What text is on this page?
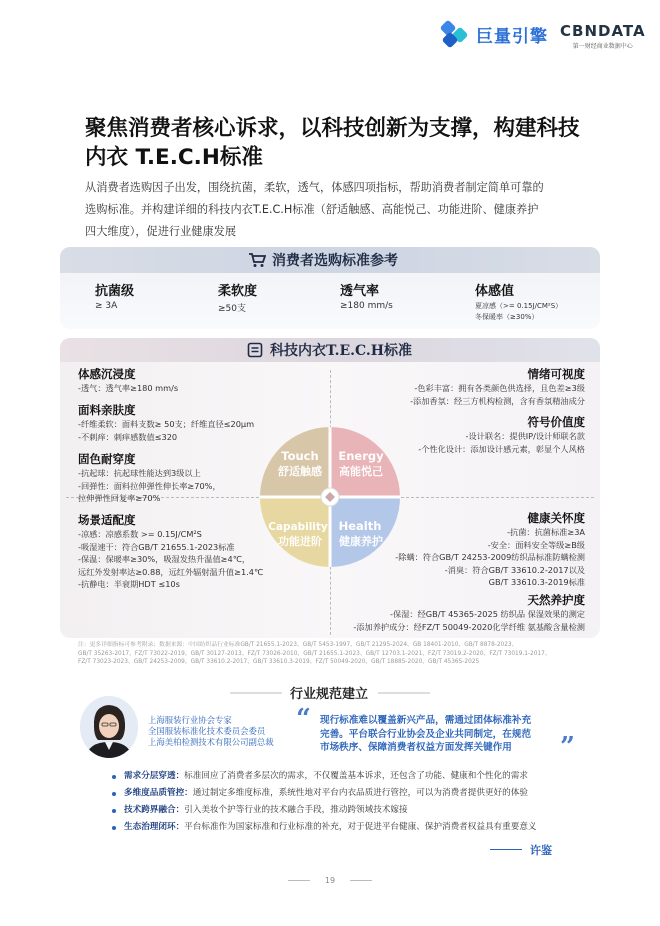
巨量引擎 CBNDATA
第一财经商业数据中心
聚焦消费者核心诉求，以科技创新为支撑，构建科技
内衣 T.E.C.H标准
从消费者选购因子出发，围绕抗菌，柔软，透气，体感四项指标，帮助消费者制定简单可靠的
选购标准。并构建详细的科技内衣T.E.C.H标准（舒适触感、高能悦己、功能进阶、健康养护
四大维度），促进行业健康发展
消费者选购标准参考
抗菌级
≥ 3A
柔软度
≥50支
透气率
≥180 mm/s
体感值
夏凉感（>= 0.15J/CM²S）
冬保暖率（≥30%）
科技内衣T.E.C.H标准
体感沉浸度
-透气：透气率≥180 mm/s
面料亲肤度
-纤维柔软：面料支数≥ 50支；纤维直径≤20μm
-不刺痒：刺痒感数值≤320
固色耐穿度
-抗起球：抗起球性能达到3级以上
-回弹性：面料拉伸弹性伸长率≥70%，
拉伸弹性回复率≥70%
场景适配度
-凉感：凉感系数 >= 0.15J/CM²S
-吸湿速干：符合GB/T 21655.1-2023标准
-保温：保暖率≥30%，吸湿发热升温值≥4℃，
远红外发射率达≥0.88，远红外辐射温升值≥1.4℃
-抗静电：半衰期HDT ≤10s
情绪可视度
-色彩丰富：拥有各类颜色供选择，且色差≥3级
-添加香氛：经三方机构检测，含有香氛精油成分
符号价值度
-设计联名：提供IP/设计师联名款
-个性化设计：添加设计感元素，彰显个人风格
健康关怀度
-抗菌：抗菌标准≥3A
-安全：面料安全等级≥B级
-除螨：符合GB/T 24253-2009纺织品标准防螨检测
-消臭：符合GB/T 33610.2-2017以及
GB/T 33610.3-2019标准
天然养护度
-保湿：经GB/T 45365-2025 纺织品 保湿效果的测定
-添加养护成分：经FZ/T 50049-2020化学纤维 氨基酸含量检测
Touch
舒适触感
Energy
高能悦己
Capability
功能进阶
Health
健康养护
注：更多详细指标可参考附录；数据来源：中国纺织品行业标准GB/T 21655.1-2023、GB/T 5453-1997、GB/T 21295-2024、GB 18401-2010、GB/T 8878-2023、
GB/T 35263-2017、FZ/T 73022-2019、GB/T 30127-2013、FZ/T 73026-2010、GB/T 21655.1-2023、GB/T 12703.1-2021、FZ/T 73019.2-2020、FZ/T 73019.1-2017、
FZ/T 73023-2023、GB/T 24253-2009、GB/T 33610.2-2017、GB/T 33610.3-2019、FZ/T 50049-2020、GB/T 18885-2020、GB/T 45365-2025
行业规范建立
上海服装行业协会专家
全国服装标准化技术委员会委员
上海美柏检测技术有限公司副总裁
“ 现行标准难以覆盖新兴产品，需通过团体标准补充
完善。平台联合行业协会及企业共同制定，在规范
市场秩序、保障消费者权益方面发挥关键作用	”
需求分层穿透：标准回应了消费者多层次的需求，不仅覆盖基本诉求，还包含了功能、健康和个性化的需求
多维度品质管控：通过制定多维度标准，系统性地对平台内衣品质进行管控，可以为消费者提供更好的体验
技术跨界融合：引入美妆个护等行业的技术融合手段，推动跨领域技术嫁接
生态治理闭环：平台标准作为国家标准和行业标准的补充，对于促进平台健康、保护消费者权益具有重要意义
许鉴
19
